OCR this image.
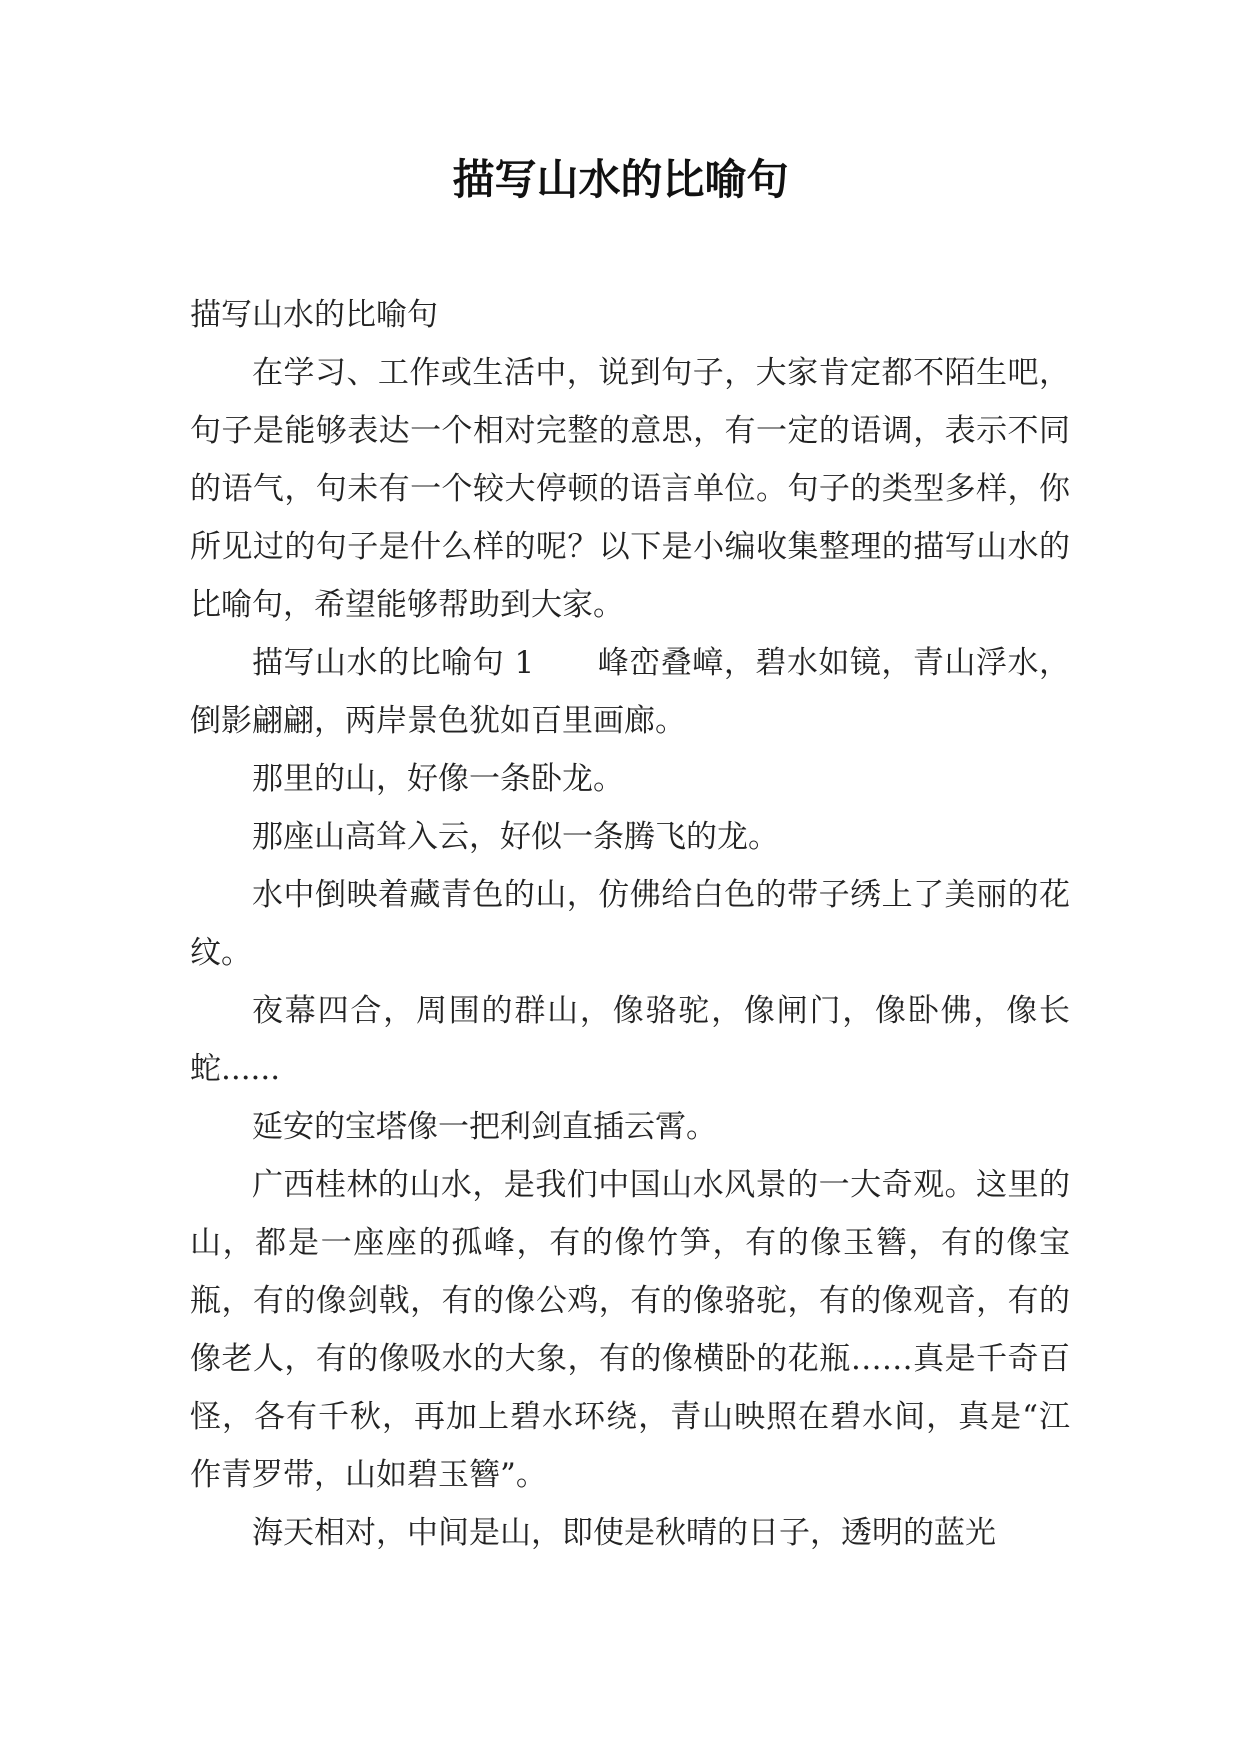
描写山水的比喻句

描写山水的比喻句

在学习、工作或生活中，说到句子，大家肯定都不陌生吧，句子是能够表达一个相对完整的意思，有一定的语调，表示不同的语气，句未有一个较大停顿的语言单位。句子的类型多样，你所见过的句子是什么样的呢？以下是小编收集整理的描写山水的比喻句，希望能够帮助到大家。

描写山水的比喻句 1　　峰峦叠嶂，碧水如镜，青山浮水，倒影翩翩，两岸景色犹如百里画廊。

那里的山，好像一条卧龙。

那座山高耸入云，好似一条腾飞的龙。

水中倒映着藏青色的山，仿佛给白色的带子绣上了美丽的花纹。

夜幕四合，周围的群山，像骆驼，像闸门，像卧佛，像长蛇......

延安的宝塔像一把利剑直插云霄。

广西桂林的山水，是我们中国山水风景的一大奇观。这里的山，都是一座座的孤峰，有的像竹笋，有的像玉簪，有的像宝瓶，有的像剑戟，有的像公鸡，有的像骆驼，有的像观音，有的像老人，有的像吸水的大象，有的像横卧的花瓶……真是千奇百怪，各有千秋，再加上碧水环绕，青山映照在碧水间，真是“江作青罗带，山如碧玉簪”。

海天相对，中间是山，即使是秋晴的日子，透明的蓝光
